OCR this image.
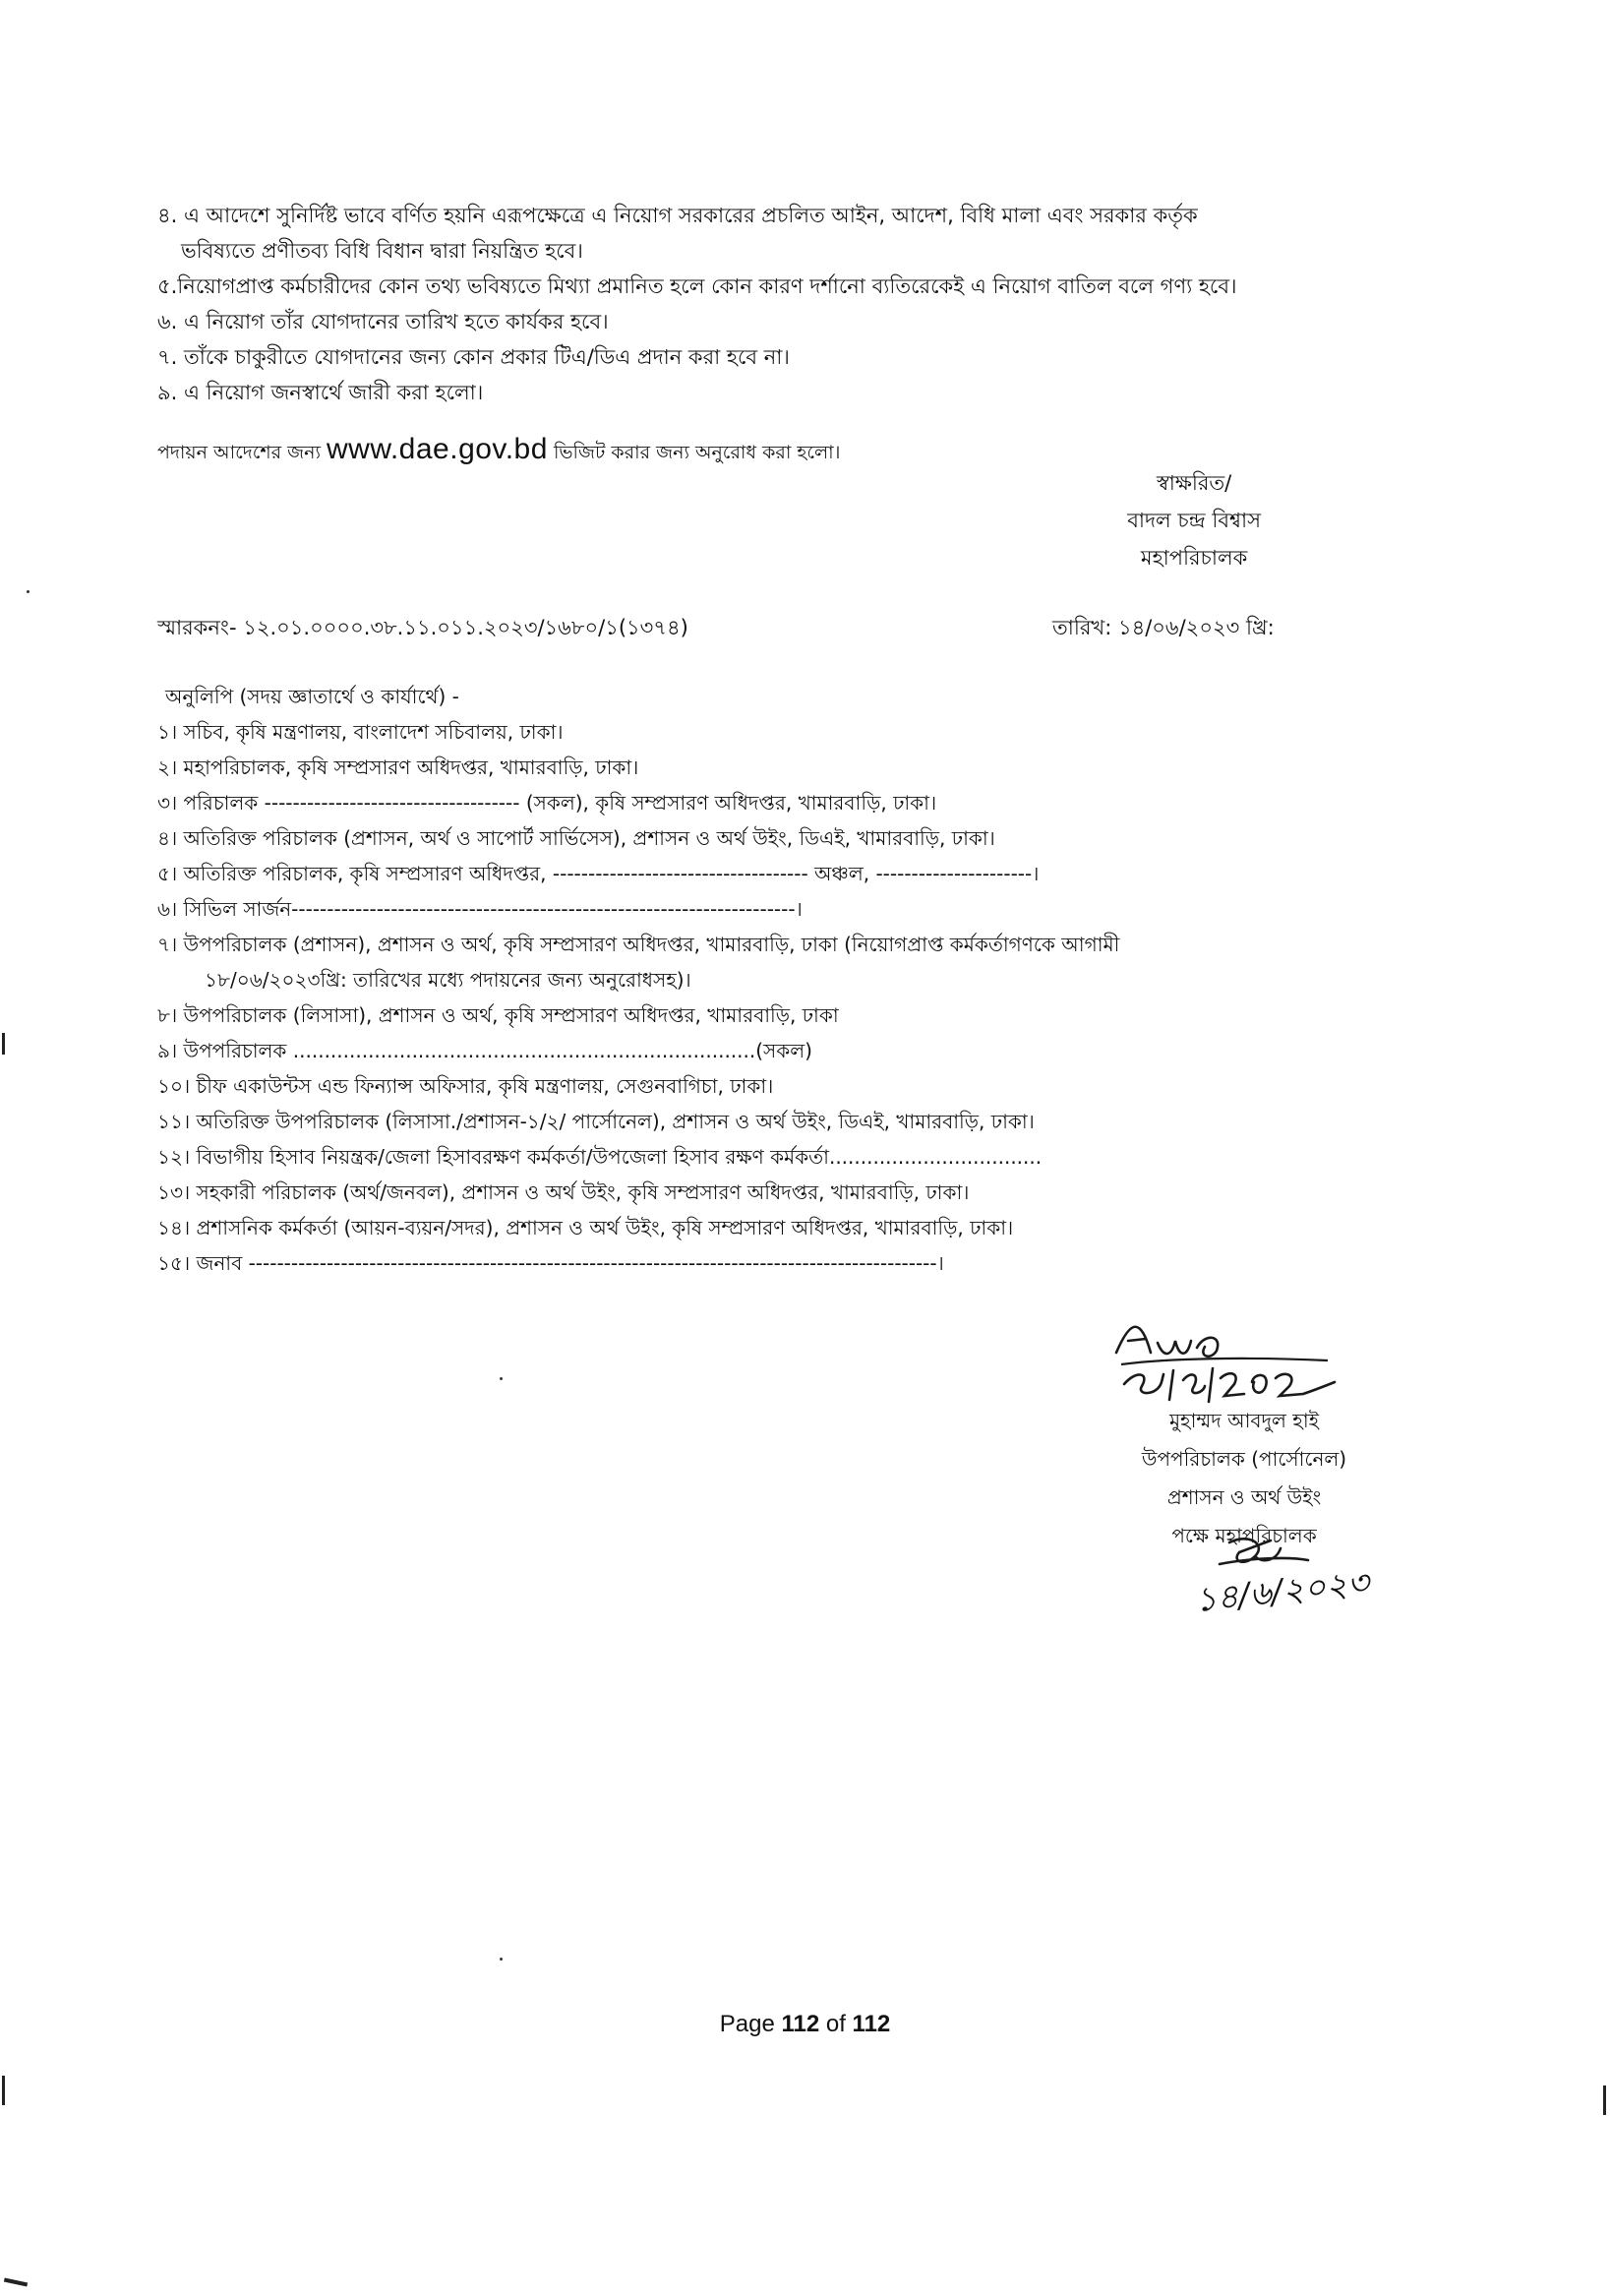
৪. এ আদেশে সুনির্দিষ্ট ভাবে বর্ণিত হয়নি এরূপক্ষেত্রে এ নিয়োগ সরকারের প্রচলিত আইন, আদেশ, বিধি মালা এবং সরকার কর্তৃক
ভবিষ্যতে প্রণীতব্য বিধি বিধান দ্বারা নিয়ন্ত্রিত হবে।
৫.নিয়োগপ্রাপ্ত কর্মচারীদের কোন তথ্য ভবিষ্যতে মিথ্যা প্রমানিত হলে কোন কারণ দর্শানো ব্যতিরেকেই এ নিয়োগ বাতিল বলে গণ্য হবে।
৬. এ নিয়োগ তাঁর যোগদানের তারিখ হতে কার্যকর হবে।
৭. তাঁকে চাকুরীতে যোগদানের জন্য কোন প্রকার টিএ/ডিএ প্রদান করা হবে না।
৯. এ নিয়োগ জনস্বার্থে জারী করা হলো।
পদায়ন আদেশের জন্য www.dae.gov.bd ভিজিট করার জন্য অনুরোধ করা হলো।
স্বাক্ষরিত/
বাদল চন্দ্র বিশ্বাস
মহাপরিচালক
স্মারকনং- ১২.০১.০০০০.৩৮.১১.০১১.২০২৩/১৬৮০/১(১৩৭৪)	তারিখ: ১৪/০৬/২০২৩ খ্রি:
অনুলিপি (সদয় জ্ঞাতার্থে ও কার্যার্থে) -
১। সচিব, কৃষি মন্ত্রণালয়, বাংলাদেশ সচিবালয়, ঢাকা।
২। মহাপরিচালক, কৃষি সম্প্রসারণ অধিদপ্তর, খামারবাড়ি, ঢাকা।
৩। পরিচালক ------------------------------------ (সকল), কৃষি সম্প্রসারণ অধিদপ্তর, খামারবাড়ি, ঢাকা।
৪। অতিরিক্ত পরিচালক (প্রশাসন, অর্থ ও সাপোর্ট সার্ভিসেস), প্রশাসন ও অর্থ উইং, ডিএই, খামারবাড়ি, ঢাকা।
৫। অতিরিক্ত পরিচালক, কৃষি সম্প্রসারণ অধিদপ্তর, ------------------------------------ অঞ্চল, ----------------------।
৬। সিভিল সার্জন-----------------------------------------------------------------------।
৭। উপপরিচালক (প্রশাসন), প্রশাসন ও অর্থ, কৃষি সম্প্রসারণ অধিদপ্তর, খামারবাড়ি, ঢাকা (নিয়োগপ্রাপ্ত কর্মকর্তাগণকে আগামী
১৮/০৬/২০২৩খ্রি: তারিখের মধ্যে পদায়নের জন্য অনুরোধসহ)।
৮। উপপরিচালক (লিসাসা), প্রশাসন ও অর্থ, কৃষি সম্প্রসারণ অধিদপ্তর, খামারবাড়ি, ঢাকা
৯। উপপরিচালক ..........................................................................(সকল)
১০। চীফ একাউন্টস এন্ড ফিন্যান্স অফিসার, কৃষি মন্ত্রণালয়, সেগুনবাগিচা, ঢাকা।
১১। অতিরিক্ত উপপরিচালক (লিসাসা./প্রশাসন-১/২/ পার্সোনেল), প্রশাসন ও অর্থ উইং, ডিএই, খামারবাড়ি, ঢাকা।
১২। বিভাগীয় হিসাব নিয়ন্ত্রক/জেলা হিসাবরক্ষণ কর্মকর্তা/উপজেলা হিসাব রক্ষণ কর্মকর্তা..................................
১৩। সহকারী পরিচালক (অর্থ/জনবল), প্রশাসন ও অর্থ উইং, কৃষি সম্প্রসারণ অধিদপ্তর, খামারবাড়ি, ঢাকা।
১৪। প্রশাসনিক কর্মকর্তা (আয়ন-ব্যয়ন/সদর), প্রশাসন ও অর্থ উইং, কৃষি সম্প্রসারণ অধিদপ্তর, খামারবাড়ি, ঢাকা।
১৫। জনাব -------------------------------------------------------------------------------------------------।
মুহাম্মদ আবদুল হাই
উপপরিচালক (পার্সোনেল)
প্রশাসন ও অর্থ উইং
পক্ষে মহাপরিচালক
১৪/৬/২০২৩
Page 112 of 112
